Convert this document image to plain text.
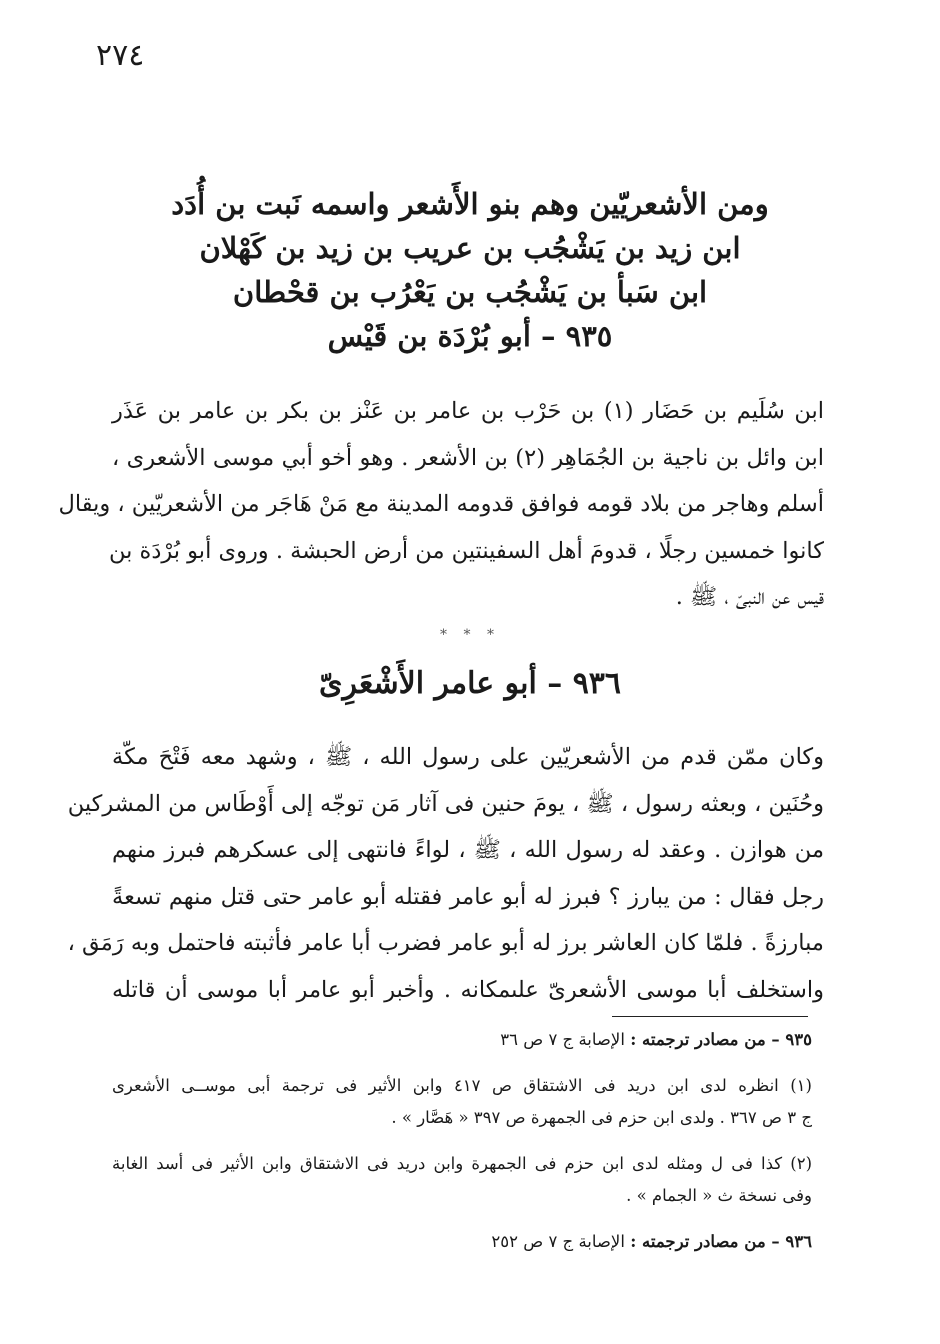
٢٧٤
ومن الأشعريّين وهم بنو الأَشعر واسمه نَبت بن أُدَد
ابن زيد بن يَشْجُب بن عريب بن زيد بن كَهْلان
ابن سَبأ بن يَشْجُب بن يَعْرُب بن قحْطان
٩٣٥ – أبو بُرْدَة بن قَيْس
ابن سُلَيم بن حَضَار (١) بن حَرْب بن عامر بن عَنْز بن بكر بن عامر بن عَذَر
ابن وائل بن ناجية بن الجُمَاهِر (٢) بن الأشعر . وهو أخو أبي موسى الأشعرى ،
أسلم وهاجر من بلاد قومه فوافق قدومه المدينة مع مَنْ هَاجَر من الأشعريّين ، ويقال
كانوا خمسين رجلًا ، قدومَ أهل السفينتين من أرض الحبشة . وروى أبو بُرْدَة بن
قيس عن النبىّ ، ﷺ .
* * *
٩٣٦ – أبو عامر الأَشْعَرِىّ
وكان ممّن قدم من الأشعريّين على رسول الله ، ﷺ ، وشهد معه فَتْحَ مكّة
وحُنَين ، وبعثه رسول ، ﷺ ، يومَ حنين فى آثار مَن توجّه إلى أَوْطَاس من المشركين
من هوازن . وعقد له رسول الله ، ﷺ ، لواءً فانتهى إلى عسكرهم فبرز منهم
رجل فقال : من يبارز ؟ فبرز له أبو عامر فقتله أبو عامر حتى قتل منهم تسعةً
مبارزةً . فلمّا كان العاشر برز له أبو عامر فضرب أبا عامر فأثبته فاحتمل وبه رَمَق ،
واستخلف أبا موسى الأشعرىّ علىمكانه . وأخبر أبو عامر أبا موسى أن قاتله
٩٣٥ – من مصادر ترجمته : الإصابة ج ٧ ص ٣٦
(١) انظره لدى ابن دريد فى الاشتقاق ص ٤١٧ وابن الأثير فى ترجمة أبى موســى الأشعرى
ج ٣ ص ٣٦٧ . ولدى ابن حزم فى الجمهرة ص ٣٩٧ « هَصَّار » .
(٢) كذا فى ل ومثله لدى ابن حزم فى الجمهرة وابن دريد فى الاشتقاق وابن الأثير فى أسد الغابة
وفى نسخة ث « الجمام » .
٩٣٦ – من مصادر ترجمته : الإصابة ج ٧ ص ٢٥٢
